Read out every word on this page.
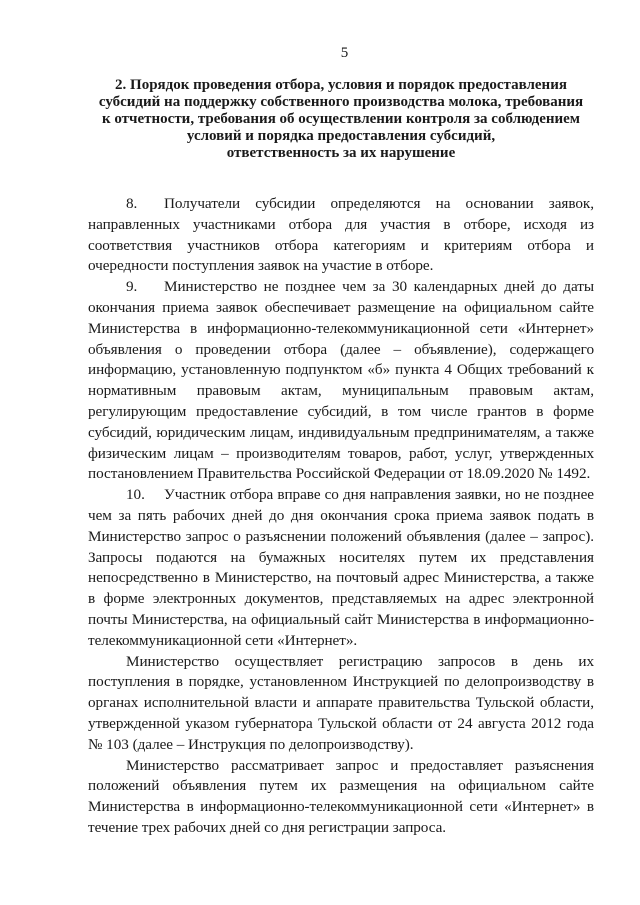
5
2. Порядок проведения отбора, условия и порядок предоставления
субсидий на поддержку собственного производства молока, требования
к отчетности, требования об осуществлении контроля за соблюдением
условий и порядка предоставления субсидий,
ответственность за их нарушение

8. Получатели субсидии определяются на основании заявок, направленных участниками отбора для участия в отборе, исходя из соответствия участников отбора категориям и критериям отбора и очередности поступления заявок на участие в отборе.

9. Министерство не позднее чем за 30 календарных дней до даты окончания приема заявок обеспечивает размещение на официальном сайте Министерства в информационно-телекоммуникационной сети «Интернет» объявления о проведении отбора (далее – объявление), содержащего информацию, установленную подпунктом «б» пункта 4 Общих требований к нормативным правовым актам, муниципальным правовым актам, регулирующим предоставление субсидий, в том числе грантов в форме субсидий, юридическим лицам, индивидуальным предпринимателям, а также физическим лицам – производителям товаров, работ, услуг, утвержденных постановлением Правительства Российской Федерации от 18.09.2020 № 1492.

10. Участник отбора вправе со дня направления заявки, но не позднее чем за пять рабочих дней до дня окончания срока приема заявок подать в Министерство запрос о разъяснении положений объявления (далее – запрос). Запросы подаются на бумажных носителях путем их представления непосредственно в Министерство, на почтовый адрес Министерства, а также в форме электронных документов, представляемых на адрес электронной почты Министерства, на официальный сайт Министерства в информационно-телекоммуникационной сети «Интернет».

Министерство осуществляет регистрацию запросов в день их поступления в порядке, установленном Инструкцией по делопроизводству в органах исполнительной власти и аппарате правительства Тульской области, утвержденной указом губернатора Тульской области от 24 августа 2012 года № 103 (далее – Инструкция по делопроизводству).

Министерство рассматривает запрос и предоставляет разъяснения положений объявления путем их размещения на официальном сайте Министерства в информационно-телекоммуникационной сети «Интернет» в течение трех рабочих дней со дня регистрации запроса.
